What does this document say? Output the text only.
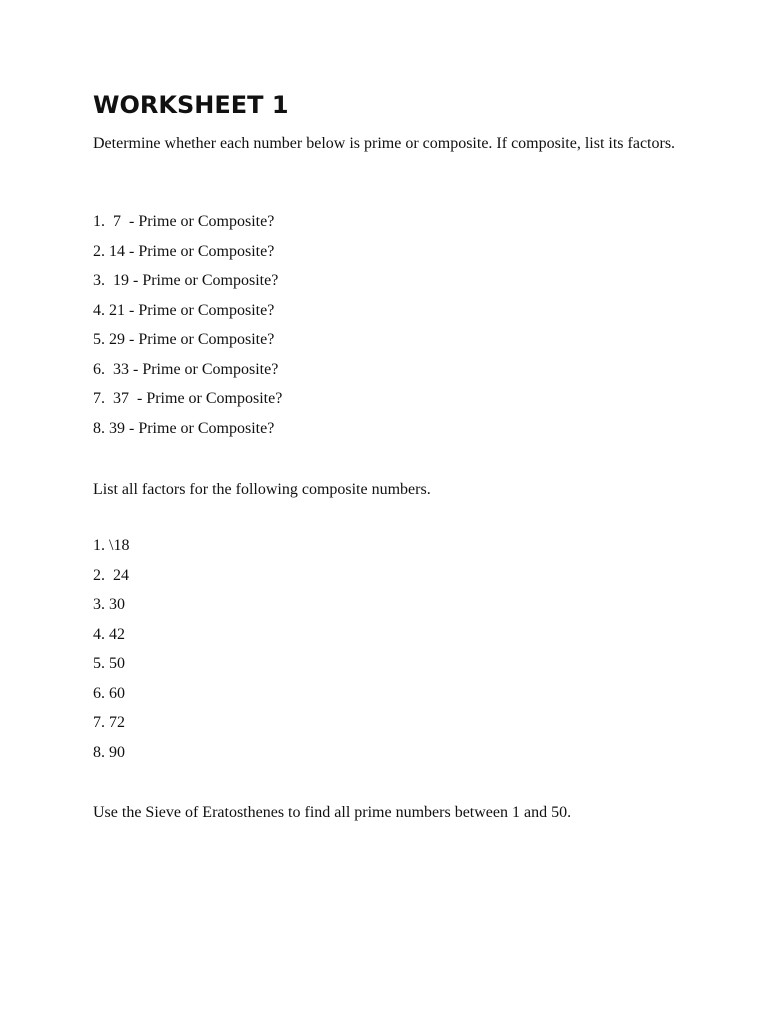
WORKSHEET 1

Determine whether each number below is prime or composite. If composite, list its factors.

1.  7  - Prime or Composite?
2. 14 - Prime or Composite?
3.  19 - Prime or Composite?
4. 21 - Prime or Composite?
5. 29 - Prime or Composite?
6.  33 - Prime or Composite?
7.  37  - Prime or Composite?
8. 39 - Prime or Composite?

List all factors for the following composite numbers.

1. \18
2.  24
3. 30
4. 42
5. 50
6. 60
7. 72
8. 90

Use the Sieve of Eratosthenes to find all prime numbers between 1 and 50.
